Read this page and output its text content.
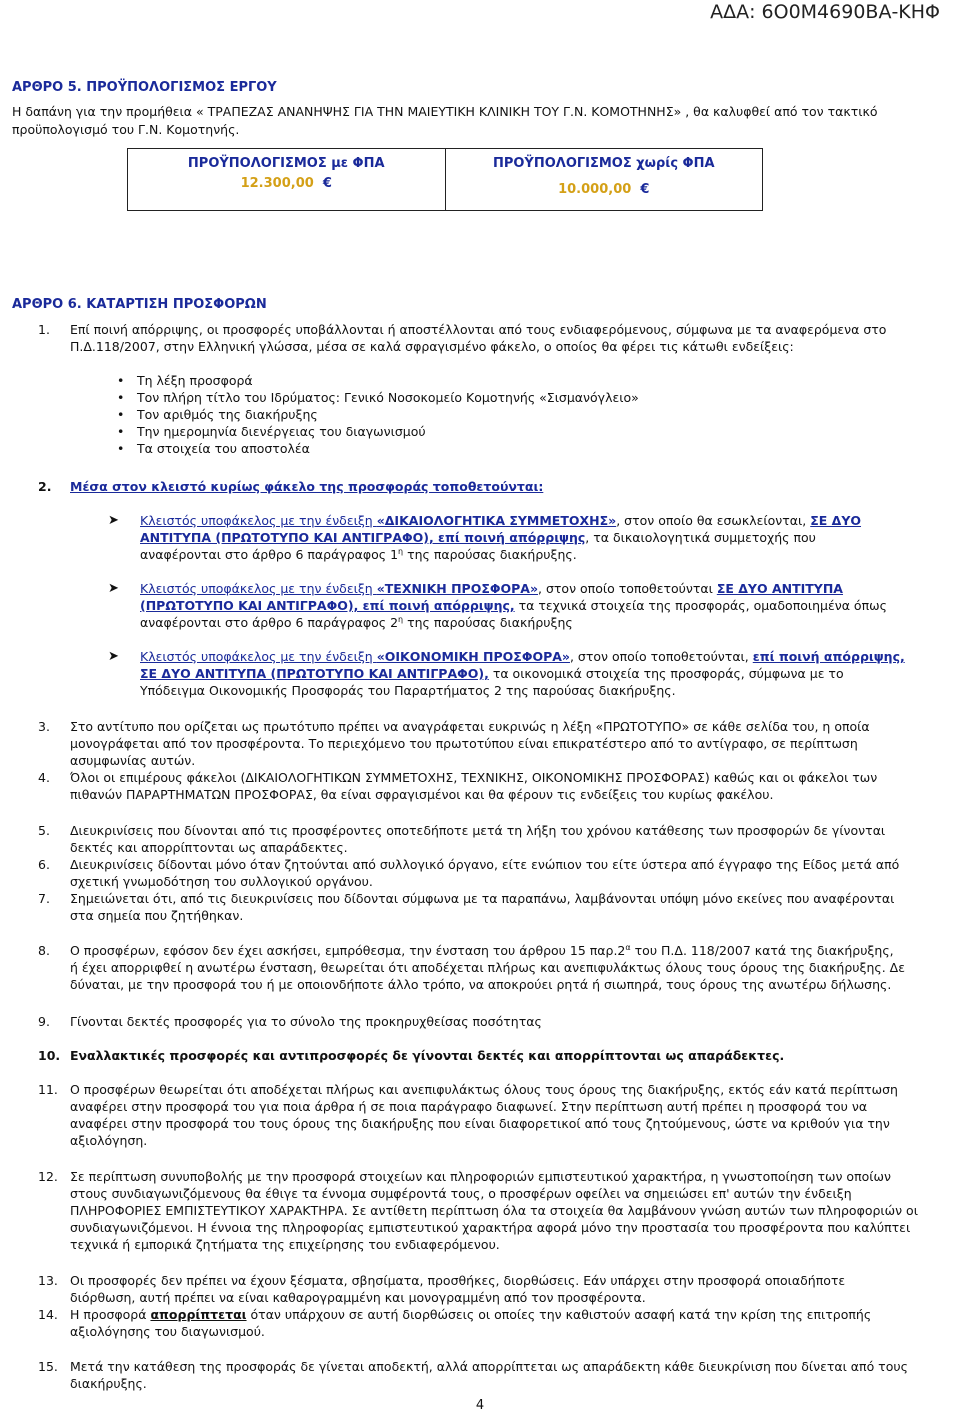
ΑΔΑ: 6Ο0Μ4690ΒΑ-ΚΗΦ
ΑΡΘΡΟ 5. ΠΡΟΫΠΟΛΟΓΙΣΜΟΣ ΕΡΓΟΥ
Η δαπάνη για την προμήθεια « ΤΡΑΠΕΖΑΣ ΑΝΑΝΗΨΗΣ ΓΙΑ ΤΗΝ ΜΑΙΕΥΤΙΚΗ ΚΛΙΝΙΚΗ ΤΟΥ Γ.Ν. ΚΟΜΟΤΗΝΗΣ» , θα καλυφθεί από τον τακτικό
προϋπολογισμό του Γ.Ν. Κομοτηνής.
ΠΡΟΫΠΟΛΟΓΙΣΜΟΣ με ΦΠΑ
12.300,00 €
ΠΡΟΫΠΟΛΟΓΙΣΜΟΣ χωρίς ΦΠΑ
10.000,00 €
ΑΡΘΡΟ 6. ΚΑΤΑΡΤΙΣΗ ΠΡΟΣΦΟΡΩΝ
1. Επί ποινή απόρριψης, οι προσφορές υποβάλλονται ή αποστέλλονται από τους ενδιαφερόμενους, σύμφωνα με τα αναφερόμενα στο
Π.Δ.118/2007, στην Ελληνική γλώσσα, μέσα σε καλά σφραγισμένο φάκελο, ο οποίος θα φέρει τις κάτωθι ενδείξεις:
• Τη λέξη προσφορά
• Τον πλήρη τίτλο του Ιδρύματος: Γενικό Νοσοκομείο Κομοτηνής «Σισμανόγλειο»
• Τον αριθμός της διακήρυξης
• Την ημερομηνία διενέργειας του διαγωνισμού
• Τα στοιχεία του αποστολέα
2. Μέσα στον κλειστό κυρίως φάκελο της προσφοράς τοποθετούνται:
➤ Κλειστός υποφάκελος με την ένδειξη «ΔΙΚΑΙΟΛΟΓΗΤΙΚΑ ΣΥΜΜΕΤΟΧΗΣ», στον οποίο θα εσωκλείονται, ΣΕ ΔΥΟ
ΑΝΤΙΤΥΠΑ (ΠΡΩΤΟΤΥΠΟ ΚΑΙ ΑΝΤΙΓΡΑΦΟ), επί ποινή απόρριψης, τα δικαιολογητικά συμμετοχής που
αναφέρονται στο άρθρο 6 παράγραφος $1^\eta$ της παρούσας διακήρυξης.
➤ Κλειστός υποφάκελος με την ένδειξη «ΤΕΧΝΙΚΗ ΠΡΟΣΦΟΡΑ», στον οποίο τοποθετούνται ΣΕ ΔΥΟ ΑΝΤΙΤΥΠΑ
(ΠΡΩΤΟΤΥΠΟ ΚΑΙ ΑΝΤΙΓΡΑΦΟ), επί ποινή απόρριψης, τα τεχνικά στοιχεία της προσφοράς, ομαδοποιημένα όπως
αναφέρονται στο άρθρο 6 παράγραφος $2^\eta$ της παρούσας διακήρυξης
➤ Κλειστός υποφάκελος με την ένδειξη «ΟΙΚΟΝΟΜΙΚΗ ΠΡΟΣΦΟΡΑ», στον οποίο τοποθετούνται, επί ποινή απόρριψης,
ΣΕ ΔΥΟ ΑΝΤΙΤΥΠΑ (ΠΡΩΤΟΤΥΠΟ ΚΑΙ ΑΝΤΙΓΡΑΦΟ), τα οικονομικά στοιχεία της προσφοράς, σύμφωνα με το
Υπόδειγμα Οικονομικής Προσφοράς του Παραρτήματος 2 της παρούσας διακήρυξης.
3. Στο αντίτυπο που ορίζεται ως πρωτότυπο πρέπει να αναγράφεται ευκρινώς η λέξη «ΠΡΩΤΟΤΥΠΟ» σε κάθε σελίδα του, η οποία
μονογράφεται από τον προσφέροντα. Το περιεχόμενο του πρωτοτύπου είναι επικρατέστερο από το αντίγραφο, σε περίπτωση
ασυμφωνίας αυτών.
4. Όλοι οι επιμέρους φάκελοι (ΔΙΚΑΙΟΛΟΓΗΤΙΚΩΝ ΣΥΜΜΕΤΟΧΗΣ, ΤΕΧΝΙΚΗΣ, ΟΙΚΟΝΟΜΙΚΗΣ ΠΡΟΣΦΟΡΑΣ) καθώς και οι φάκελοι των
πιθανών ΠΑΡΑΡΤΗΜΑΤΩΝ ΠΡΟΣΦΟΡΑΣ, θα είναι σφραγισμένοι και θα φέρουν τις ενδείξεις του κυρίως φακέλου.
5. Διευκρινίσεις που δίνονται από τις προσφέροντες οποτεδήποτε μετά τη λήξη του χρόνου κατάθεσης των προσφορών δε γίνονται
δεκτές και απορρίπτονται ως απαράδεκτες.
6. Διευκρινίσεις δίδονται μόνο όταν ζητούνται από συλλογικό όργανο, είτε ενώπιον του είτε ύστερα από έγγραφο της Είδος μετά από
σχετική γνωμοδότηση του συλλογικού οργάνου.
7. Σημειώνεται ότι, από τις διευκρινίσεις που δίδονται σύμφωνα με τα παραπάνω, λαμβάνονται υπόψη μόνο εκείνες που αναφέρονται
στα σημεία που ζητήθηκαν.
8. Ο προσφέρων, εφόσον δεν έχει ασκήσει, εμπρόθεσμα, την ένσταση του άρθρου 15 $\pi\alpha\rho.2^\alpha$ του Π.Δ. 118/2007 κατά της διακήρυξης,
ή έχει απορριφθεί η ανωτέρω ένσταση, θεωρείται ότι αποδέχεται πλήρως και ανεπιφυλάκτως όλους τους όρους της διακήρυξης. Δε
δύναται, με την προσφορά του ή με οποιονδήποτε άλλο τρόπο, να αποκρούει ρητά ή σιωπηρά, τους όρους της ανωτέρω δήλωσης.
9. Γίνονται δεκτές προσφορές για το σύνολο της προκηρυχθείσας ποσότητας
10. Εναλλακτικές προσφορές και αντιπροσφορές δε γίνονται δεκτές και απορρίπτονται ως απαράδεκτες.
11. Ο προσφέρων θεωρείται ότι αποδέχεται πλήρως και ανεπιφυλάκτως όλους τους όρους της διακήρυξης, εκτός εάν κατά περίπτωση
αναφέρει στην προσφορά του για ποια άρθρα ή σε ποια παράγραφο διαφωνεί. Στην περίπτωση αυτή πρέπει η προσφορά του να
αναφέρει στην προσφορά του τους όρους της διακήρυξης που είναι διαφορετικοί από τους ζητούμενους, ώστε να κριθούν για την
αξιολόγηση.
12. Σε περίπτωση συνυποβολής με την προσφορά στοιχείων και πληροφοριών εμπιστευτικού χαρακτήρα, η γνωστοποίηση των οποίων
στους συνδιαγωνιζόμενους θα έθιγε τα έννομα συμφέροντά τους, ο προσφέρων οφείλει να σημειώσει επ' αυτών την ένδειξη
ΠΛΗΡΟΦΟΡΙΕΣ ΕΜΠΙΣΤΕΥΤΙΚΟΥ ΧΑΡΑΚΤΗΡΑ. Σε αντίθετη περίπτωση όλα τα στοιχεία θα λαμβάνουν γνώση αυτών των πληροφοριών οι
συνδιαγωνιζόμενοι. Η έννοια της πληροφορίας εμπιστευτικού χαρακτήρα αφορά μόνο την προστασία του προσφέροντα που καλύπτει
τεχνικά ή εμπορικά ζητήματα της επιχείρησης του ενδιαφερόμενου.
13. Οι προσφορές δεν πρέπει να έχουν ξέσματα, σβησίματα, προσθήκες, διορθώσεις. Εάν υπάρχει στην προσφορά οποιαδήποτε
διόρθωση, αυτή πρέπει να είναι καθαρογραμμένη και μονογραμμένη από τον προσφέροντα.
14. Η προσφορά απορρίπτεται όταν υπάρχουν σε αυτή διορθώσεις οι οποίες την καθιστούν ασαφή κατά την κρίση της επιτροπής
αξιολόγησης του διαγωνισμού.
15. Μετά την κατάθεση της προσφοράς δε γίνεται αποδεκτή, αλλά απορρίπτεται ως απαράδεκτη κάθε διευκρίνιση που δίνεται από τους
διακήρυξης.
4
